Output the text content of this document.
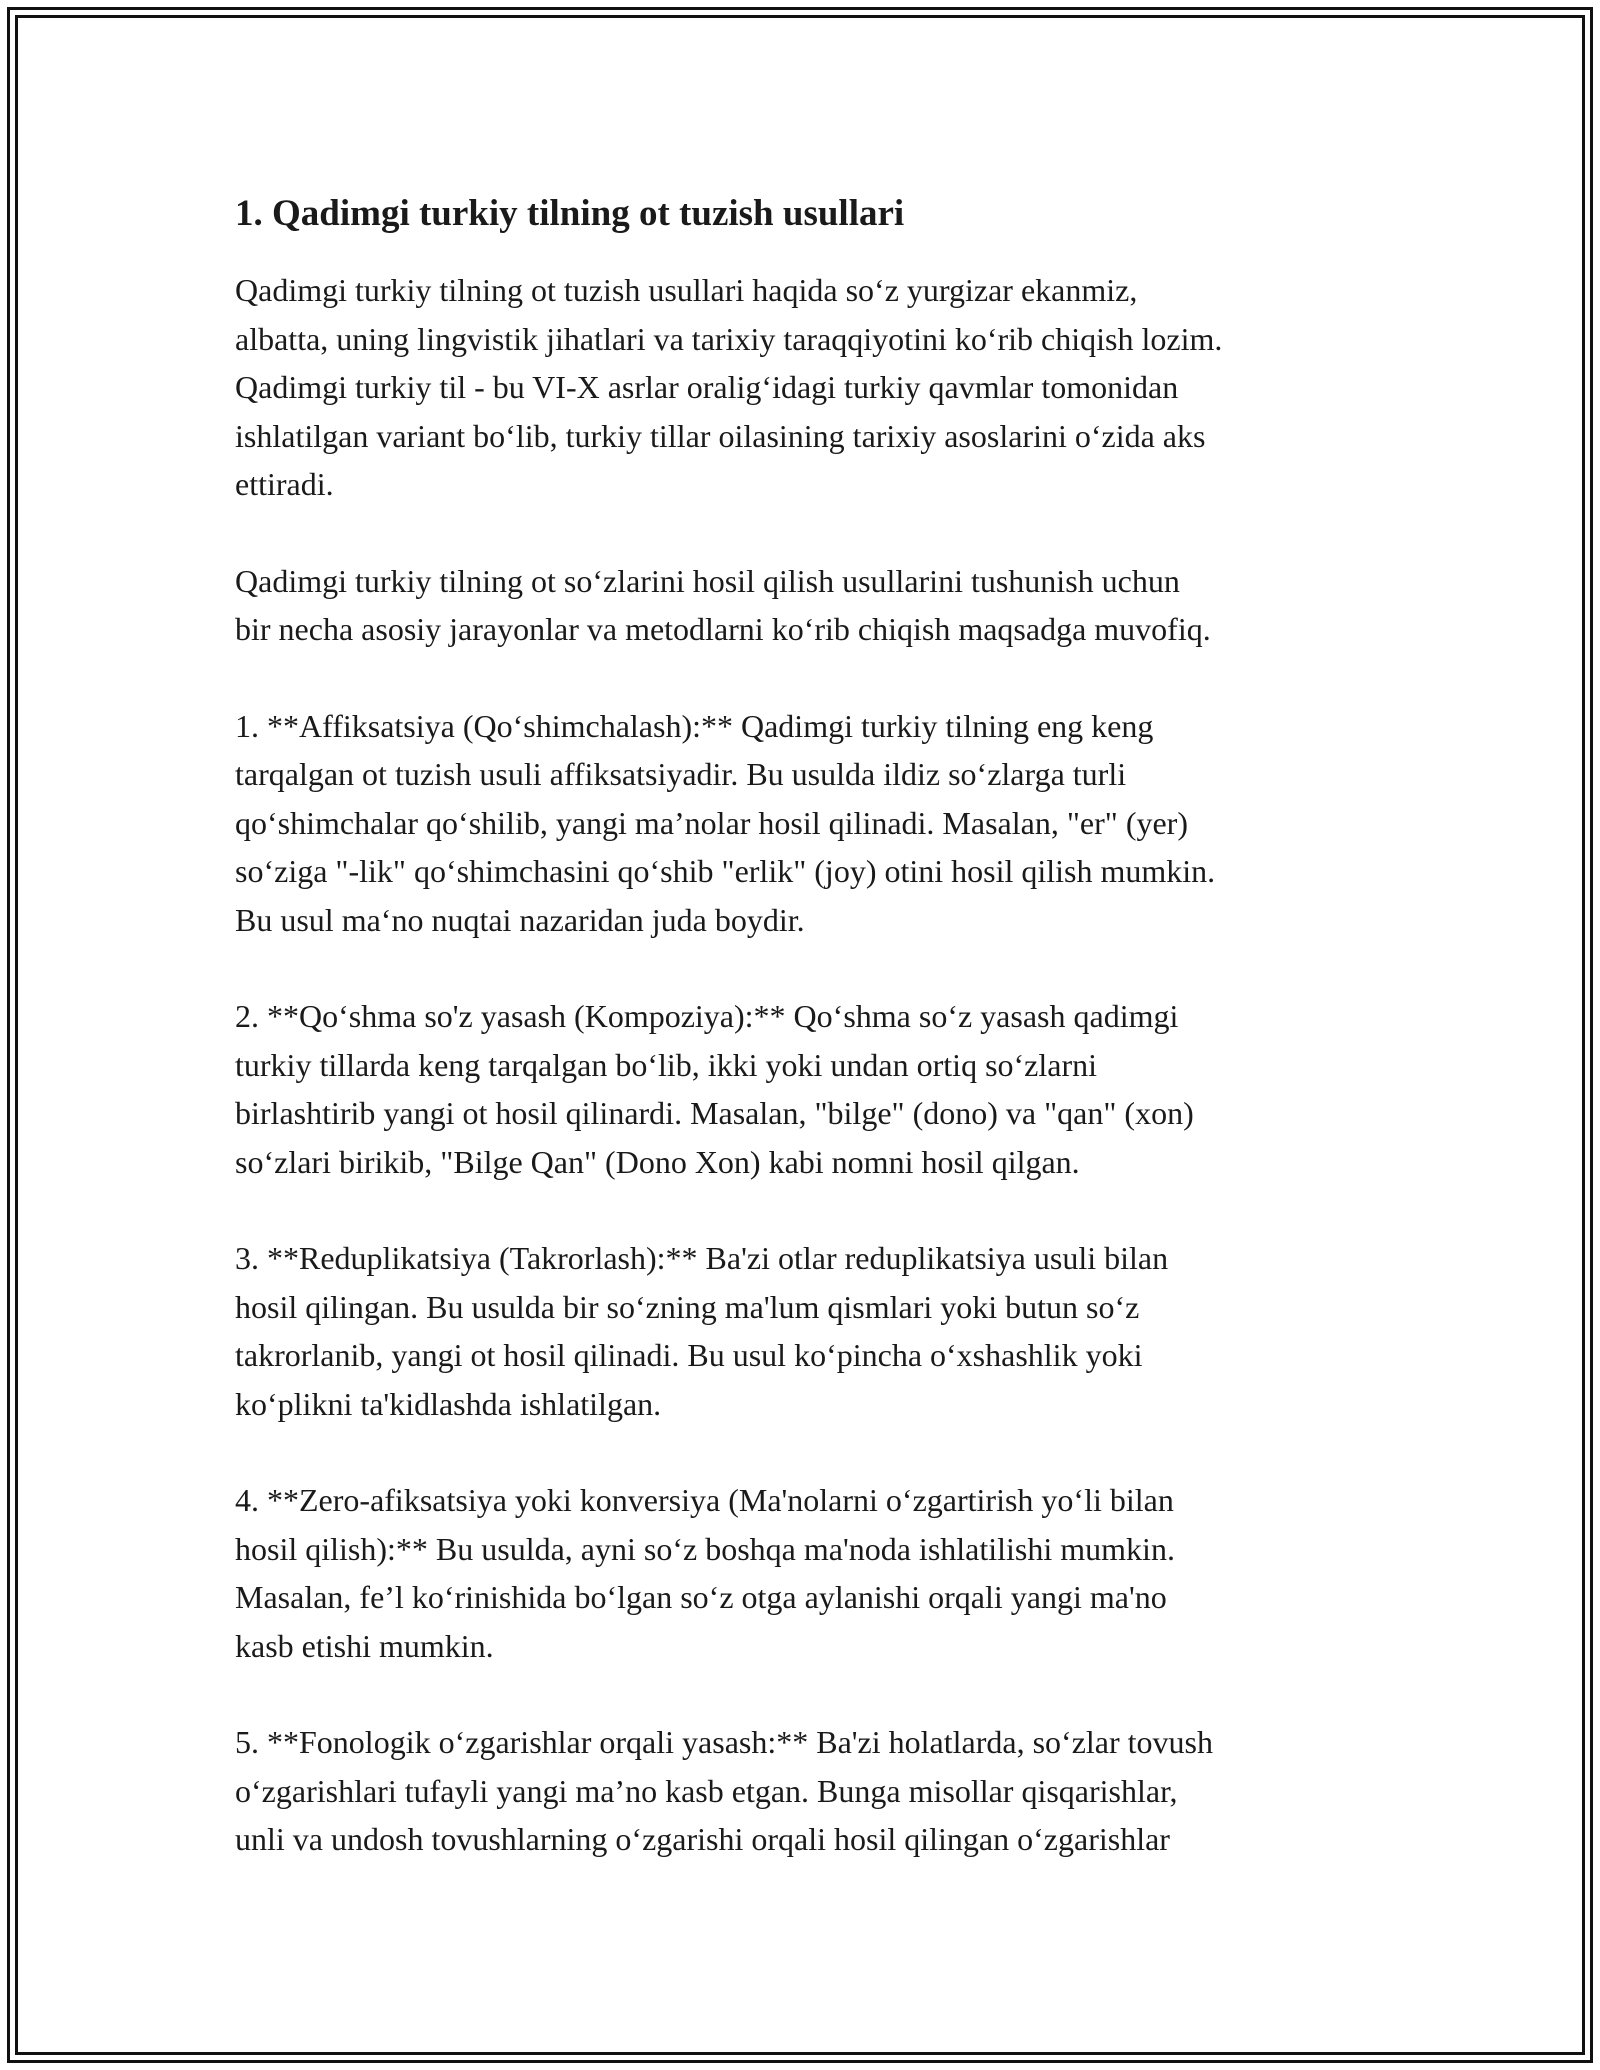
1. Qadimgi turkiy tilning ot tuzish usullari

Qadimgi turkiy tilning ot tuzish usullari haqida so‘z yurgizar ekanmiz,
albatta, uning lingvistik jihatlari va tarixiy taraqqiyotini ko‘rib chiqish lozim.
Qadimgi turkiy til - bu VI-X asrlar oralig‘idagi turkiy qavmlar tomonidan
ishlatilgan variant bo‘lib, turkiy tillar oilasining tarixiy asoslarini o‘zida aks
ettiradi.

Qadimgi turkiy tilning ot so‘zlarini hosil qilish usullarini tushunish uchun
bir necha asosiy jarayonlar va metodlarni ko‘rib chiqish maqsadga muvofiq.

1. **Affiksatsiya (Qo‘shimchalash):** Qadimgi turkiy tilning eng keng
tarqalgan ot tuzish usuli affiksatsiyadir. Bu usulda ildiz so‘zlarga turli
qo‘shimchalar qo‘shilib, yangi ma’nolar hosil qilinadi. Masalan, "er" (yer)
so‘ziga "-lik" qo‘shimchasini qo‘shib "erlik" (joy) otini hosil qilish mumkin.
Bu usul ma‘no nuqtai nazaridan juda boydir.

2. **Qo‘shma so'z yasash (Kompoziya):** Qo‘shma so‘z yasash qadimgi
turkiy tillarda keng tarqalgan bo‘lib, ikki yoki undan ortiq so‘zlarni
birlashtirib yangi ot hosil qilinardi. Masalan, "bilge" (dono) va "qan" (xon)
so‘zlari birikib, "Bilge Qan" (Dono Xon) kabi nomni hosil qilgan.

3. **Reduplikatsiya (Takrorlash):** Ba'zi otlar reduplikatsiya usuli bilan
hosil qilingan. Bu usulda bir so‘zning ma'lum qismlari yoki butun so‘z
takrorlanib, yangi ot hosil qilinadi. Bu usul ko‘pincha o‘xshashlik yoki
ko‘plikni ta'kidlashda ishlatilgan.

4. **Zero-afiksatsiya yoki konversiya (Ma'nolarni o‘zgartirish yo‘li bilan
hosil qilish):** Bu usulda, ayni so‘z boshqa ma'noda ishlatilishi mumkin.
Masalan, fe’l ko‘rinishida bo‘lgan so‘z otga aylanishi orqali yangi ma'no
kasb etishi mumkin.

5. **Fonologik o‘zgarishlar orqali yasash:** Ba'zi holatlarda, so‘zlar tovush
o‘zgarishlari tufayli yangi ma’no kasb etgan. Bunga misollar qisqarishlar,
unli va undosh tovushlarning o‘zgarishi orqali hosil qilingan o‘zgarishlar
